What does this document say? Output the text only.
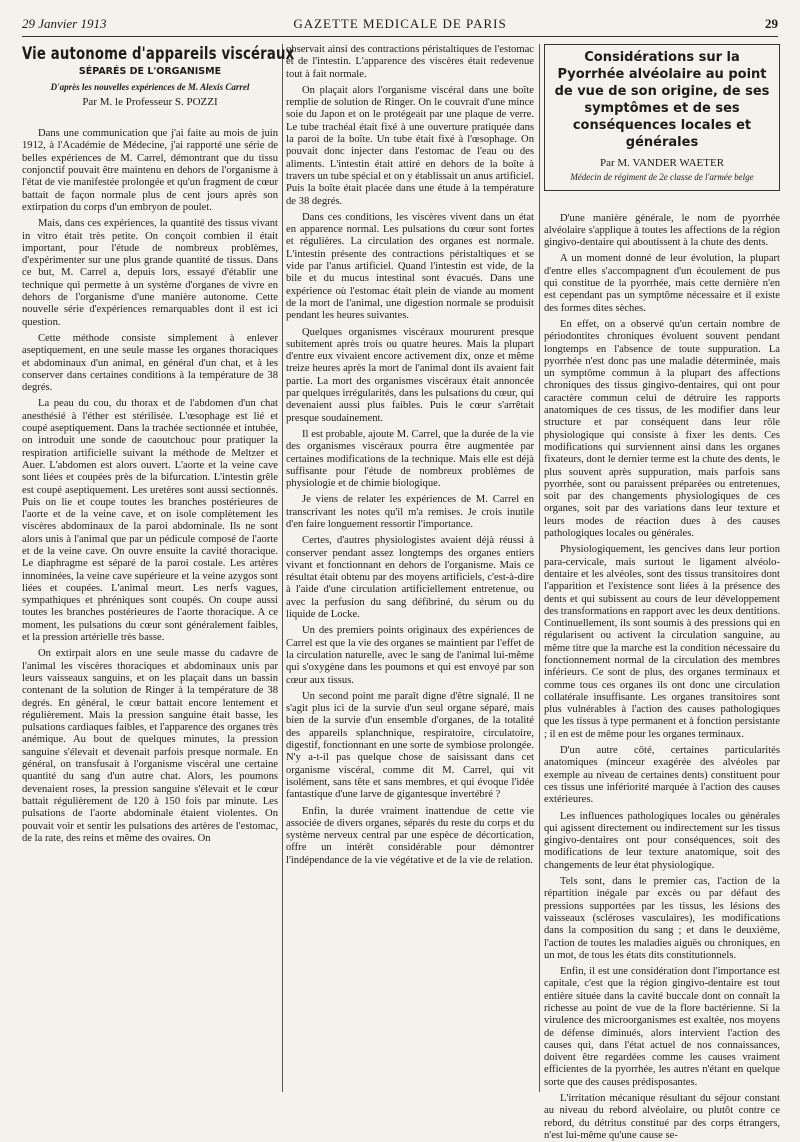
29 Janvier 1913	GAZETTE MEDICALE DE PARIS	29
Vie autonome d'appareils viscéraux
SÉPARÉS DE L'ORGANISME
D'après les nouvelles expériences de M. Alexis Carrel
Par M. le Professeur S. POZZI

Dans une communication que j'ai faite au mois de juin 1912, à l'Académie de Médecine, j'ai rapporté une série de belles expériences de M. Carrel, démontrant que du tissu conjonctif pouvait être maintenu en dehors de l'organisme à l'état de vie manifestée prolongée et qu'un fragment de cœur battait de façon normale plus de cent jours après son extirpation du corps d'un embryon de poulet.

Mais, dans ces expériences, la quantité des tissus vivant in vitro était très petite. On conçoit combien il était important, pour l'étude de nombreux problèmes, d'expérimenter sur une plus grande quantité de tissus. Dans ce but, M. Carrel a, depuis lors, essayé d'établir une technique qui permette à un système d'organes de vivre en dehors de l'organisme d'une manière autonome. Cette nouvelle série d'expériences remarquables dont il est ici question.

Cette méthode consiste simplement à enlever aseptiquement, en une seule masse les organes thoraciques et abdominaux d'un animal, en général d'un chat, et à les conserver dans certaines conditions à la température de 38 degrés.

La peau du cou, du thorax et de l'abdomen d'un chat anesthésié à l'éther est stérilisée. L'œsophage est lié et coupé aseptiquement. Dans la trachée sectionnée et intubée, on introduit une sonde de caoutchouc pour pratiquer la respiration artificielle suivant la méthode de Meltzer et Auer. L'abdomen est alors ouvert. L'aorte et la veine cave sont liées et coupées près de la bifurcation. L'intestin grêle est coupé aseptiquement. Les uretères sont aussi sectionnés. Puis on lie et coupe toutes les branches postérieures de l'aorte et de la veine cave, et on isole complètement les viscères abdominaux de la paroi abdominale. Ils ne sont alors unis à l'animal que par un pédicule composé de l'aorte et de la veine cave. On ouvre ensuite la cavité thoracique. Le diaphragme est séparé de la paroi costale. Les artères innominées, la veine cave supérieure et la veine azygos sont liées et coupées. L'animal meurt. Les nerfs vagues, sympathiques et phréniques sont coupés. On coupe aussi toutes les branches postérieures de l'aorte thoracique. A ce moment, les pulsations du cœur sont généralement faibles, et la pression artérielle très basse.

On extirpait alors en une seule masse du cadavre de l'animal les viscères thoraciques et abdominaux unis par leurs vaisseaux sanguins, et on les plaçait dans un bassin contenant de la solution de Ringer à la température de 38 degrés. En général, le cœur battait encore lentement et régulièrement. Mais la pression sanguine était basse, les pulsations cardiaques faibles, et l'apparence des organes très anémique. Au bout de quelques minutes, la pression sanguine s'élevait et devenait parfois presque normale. En général, on transfusait à l'organisme viscéral une certaine quantité du sang d'un autre chat. Alors, les poumons devenaient roses, la pression sanguine s'élevait et le cœur battait régulièrement de 120 à 150 fois par minute. Les pulsations de l'aorte abdominale étaient violentes. On pouvait voir et sentir les pulsations des artères de l'estomac, de la rate, des reins et même des ovaires. On

observait ainsi des contractions péristaltiques de l'estomac et de l'intestin. L'apparence des viscères était redevenue tout à fait normale.

On plaçait alors l'organisme viscéral dans une boîte remplie de solution de Ringer. On le couvrait d'une mince soie du Japon et on le protégeait par une plaque de verre. Le tube trachéal était fixé à une ouverture pratiquée dans la paroi de la boîte. Un tube était fixé à l'œsophage. On pouvait donc injecter dans l'estomac de l'eau ou des aliments. L'intestin était attiré en dehors de la boîte à travers un tube spécial et on y établissait un anus artificiel. Puis la boîte était placée dans une étude à la température de 38 degrés.

Dans ces conditions, les viscères vivent dans un état en apparence normal. Les pulsations du cœur sont fortes et régulières. La circulation des organes est normale. L'intestin présente des contractions péristaltiques et se vide par l'anus artificiel. Quand l'intestin est vide, de la bile et du mucus intestinal sont évacués. Dans une expérience où l'estomac était plein de viande au moment de la mort de l'animal, une digestion normale se produisit pendant les heures suivantes.

Quelques organismes viscéraux moururent presque subitement après trois ou quatre heures. Mais la plupart d'entre eux vivaient encore activement dix, onze et même treize heures après la mort de l'animal dont ils avaient fait partie. La mort des organismes viscéraux était annoncée par quelques irrégularités, dans les pulsations du cœur, qui devenaient aussi plus faibles. Puis le cœur s'arrêtait presque soudainement.

Il est probable, ajoute M. Carrel, que la durée de la vie des organismes viscéraux pourra être augmentée par certaines modifications de la technique. Mais elle est déjà suffisante pour l'étude de nombreux problèmes de physiologie et de chimie biologique.

Je viens de relater les expériences de M. Carrel en transcrivant les notes qu'il m'a remises. Je crois inutile d'en faire longuement ressortir l'importance.

Certes, d'autres physiologistes avaient déjà réussi à conserver pendant assez longtemps des organes entiers vivant et fonctionnant en dehors de l'organisme. Mais ce résultat était obtenu par des moyens artificiels, c'est-à-dire à l'aide d'une circulation artificiellement entretenue, ou avec la perfusion du sang défibriné, du sérum ou du liquide de Locke.

Un des premiers points originaux des expériences de Carrel est que la vie des organes se maintient par l'effet de la circulation naturelle, avec le sang de l'animal lui-même qui s'oxygène dans les poumons et qui est envoyé par son cœur aux tissus.

Un second point me paraît digne d'être signalé. Il ne s'agit plus ici de la survie d'un seul organe séparé, mais bien de la survie d'un ensemble d'organes, de la totalité des appareils splanchnique, respiratoire, circulatoire, digestif, fonctionnant en une sorte de symbiose prolongée. N'y a-t-il pas quelque chose de saisissant dans cet organisme viscéral, comme dit M. Carrel, qui vit isolément, sans tête et sans membres, et qui évoque l'idée fantastique d'une larve de gigantesque invertébré ?

Enfin, la durée vraiment inattendue de cette vie associée de divers organes, séparés du reste du corps et du système nerveux central par une espèce de décortication, offre un intérêt considérable pour démontrer l'indépendance de la vie végétative et de la vie de relation.

Considérations sur la Pyorrhée alvéolaire au point de vue de son origine, de ses symptômes et de ses conséquences locales et générales
Par M. VANDER WAETER
Médecin de régiment de 2e classe de l'armée belge

D'une manière générale, le nom de pyorrhée alvéolaire s'applique à toutes les affections de la région gingivo-dentaire qui aboutissent à la chute des dents.

A un moment donné de leur évolution, la plupart d'entre elles s'accompagnent d'un écoulement de pus qui constitue de la pyorrhée, mais cette dernière n'en est cependant pas un symptôme nécessaire et il existe des formes dites sèches.

En effet, on a observé qu'un certain nombre de périodontites chroniques évoluent souvent pendant longtemps en l'absence de toute suppuration. La pyorrhée n'est donc pas une maladie déterminée, mais un symptôme commun à la plupart des affections chroniques des tissus gingivo-dentaires, qui ont pour caractère commun celui de détruire les rapports anatomiques de ces tissus, de les modifier dans leur structure et par conséquent dans leur rôle physiologique qui consiste à fixer les dents. Ces modifications qui surviennent ainsi dans les organes fixateurs, dont le dernier terme est la chute des dents, le plus souvent après suppuration, mais parfois sans pyorrhée, sont ou paraissent préparées ou entretenues, soit par des changements physiologiques de ces organes, soit par des variations dans leur texture et leurs modes de réaction dues à des causes pathologiques locales ou générales.

Physiologiquement, les gencives dans leur portion para-cervicale, mais surtout le ligament alvéolo-dentaire et les alvéoles, sont des tissus transitoires dont l'apparition et l'existence sont liées à la présence des dents et qui subissent au cours de leur développement des transformations en rapport avec les deux dentitions. Continuellement, ils sont soumis à des pressions qui en régularisent ou activent la circulation sanguine, au même titre que la marche est la condition nécessaire du fonctionnement normal de la circulation des membres inférieurs. Ce sont de plus, des organes terminaux et comme tous ces organes ils ont donc une circulation collatérale insuffisante. Les organes transitoires sont plus vulnérables à l'action des causes pathologiques que les tissus à type permanent et à fonction persistante ; il en est de même pour les organes terminaux.

D'un autre côté, certaines particularités anatomiques (minceur exagérée des alvéoles par exemple au niveau de certaines dents) constituent pour ces tissus une infériorité marquée à l'action des causes extérieures.

Les influences pathologiques locales ou générales qui agissent directement ou indirectement sur les tissus gingivo-dentaires ont pour conséquences, soit des modifications de leur texture anatomique, soit des changements de leur état physiologique.

Tels sont, dans le premier cas, l'action de la répartition inégale par excès ou par défaut des pressions supportées par les tissus, les lésions des vaisseaux (scléroses vasculaires), les modifications dans la composition du sang ; et dans le deuxième, l'action de toutes les maladies aiguës ou chroniques, en un mot, de tous les états dits constitutionnels.

Enfin, il est une considération dont l'importance est capitale, c'est que la région gingivo-dentaire est tout entière située dans la cavité buccale dont on connaît la richesse au point de vue de la flore bactérienne. Si la virulence des microorganismes est exaltée, nos moyens de défense diminués, alors intervient l'action des causes qui, dans l'état actuel de nos connaissances, doivent être regardées comme les causes vraiment efficientes de la pyorrhée, les autres n'étant en quelque sorte que des causes prédisposantes.

L'irritation mécanique résultant du séjour constant au niveau du rebord alvéolaire, ou plutôt contre ce rebord, du détritus constitué par des corps étrangers, n'est lui-même qu'une cause se-
